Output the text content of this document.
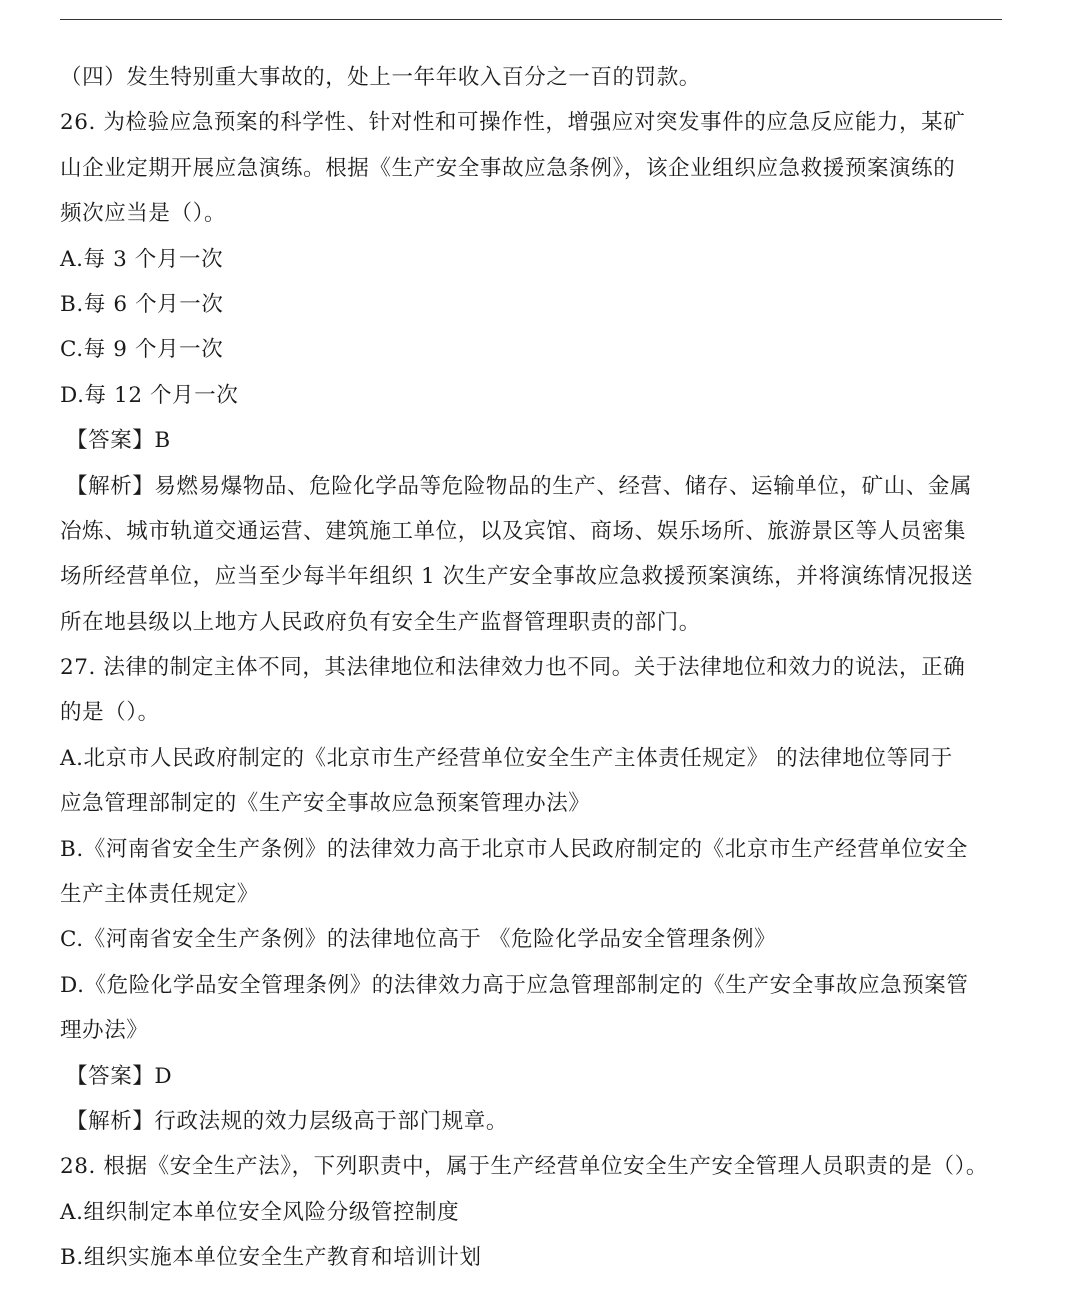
（四）发生特别重大事故的，处上一年年收入百分之一百的罚款。
26. 为检验应急预案的科学性、针对性和可操作性，增强应对突发事件的应急反应能力，某矿
山企业定期开展应急演练。根据《生产安全事故应急条例》，该企业组织应急救援预案演练的
频次应当是（）。
A.每 3 个月一次
B.每 6 个月一次
C.每 9 个月一次
D.每 12 个月一次
【答案】B
【解析】易燃易爆物品、危险化学品等危险物品的生产、经营、储存、运输单位，矿山、金属
冶炼、城市轨道交通运营、建筑施工单位，以及宾馆、商场、娱乐场所、旅游景区等人员密集
场所经营单位，应当至少每半年组织 1 次生产安全事故应急救援预案演练，并将演练情况报送
所在地县级以上地方人民政府负有安全生产监督管理职责的部门。
27. 法律的制定主体不同，其法律地位和法律效力也不同。关于法律地位和效力的说法，正确
的是（）。
A.北京市人民政府制定的《北京市生产经营单位安全生产主体责任规定》 的法律地位等同于
应急管理部制定的《生产安全事故应急预案管理办法》
B.《河南省安全生产条例》的法律效力高于北京市人民政府制定的《北京市生产经营单位安全
生产主体责任规定》
C.《河南省安全生产条例》的法律地位高于 《危险化学品安全管理条例》
D.《危险化学品安全管理条例》的法律效力高于应急管理部制定的《生产安全事故应急预案管
理办法》
【答案】D
【解析】行政法规的效力层级高于部门规章。
28. 根据《安全生产法》，下列职责中，属于生产经营单位安全生产安全管理人员职责的是（）。
A.组织制定本单位安全风险分级管控制度
B.组织实施本单位安全生产教育和培训计划
